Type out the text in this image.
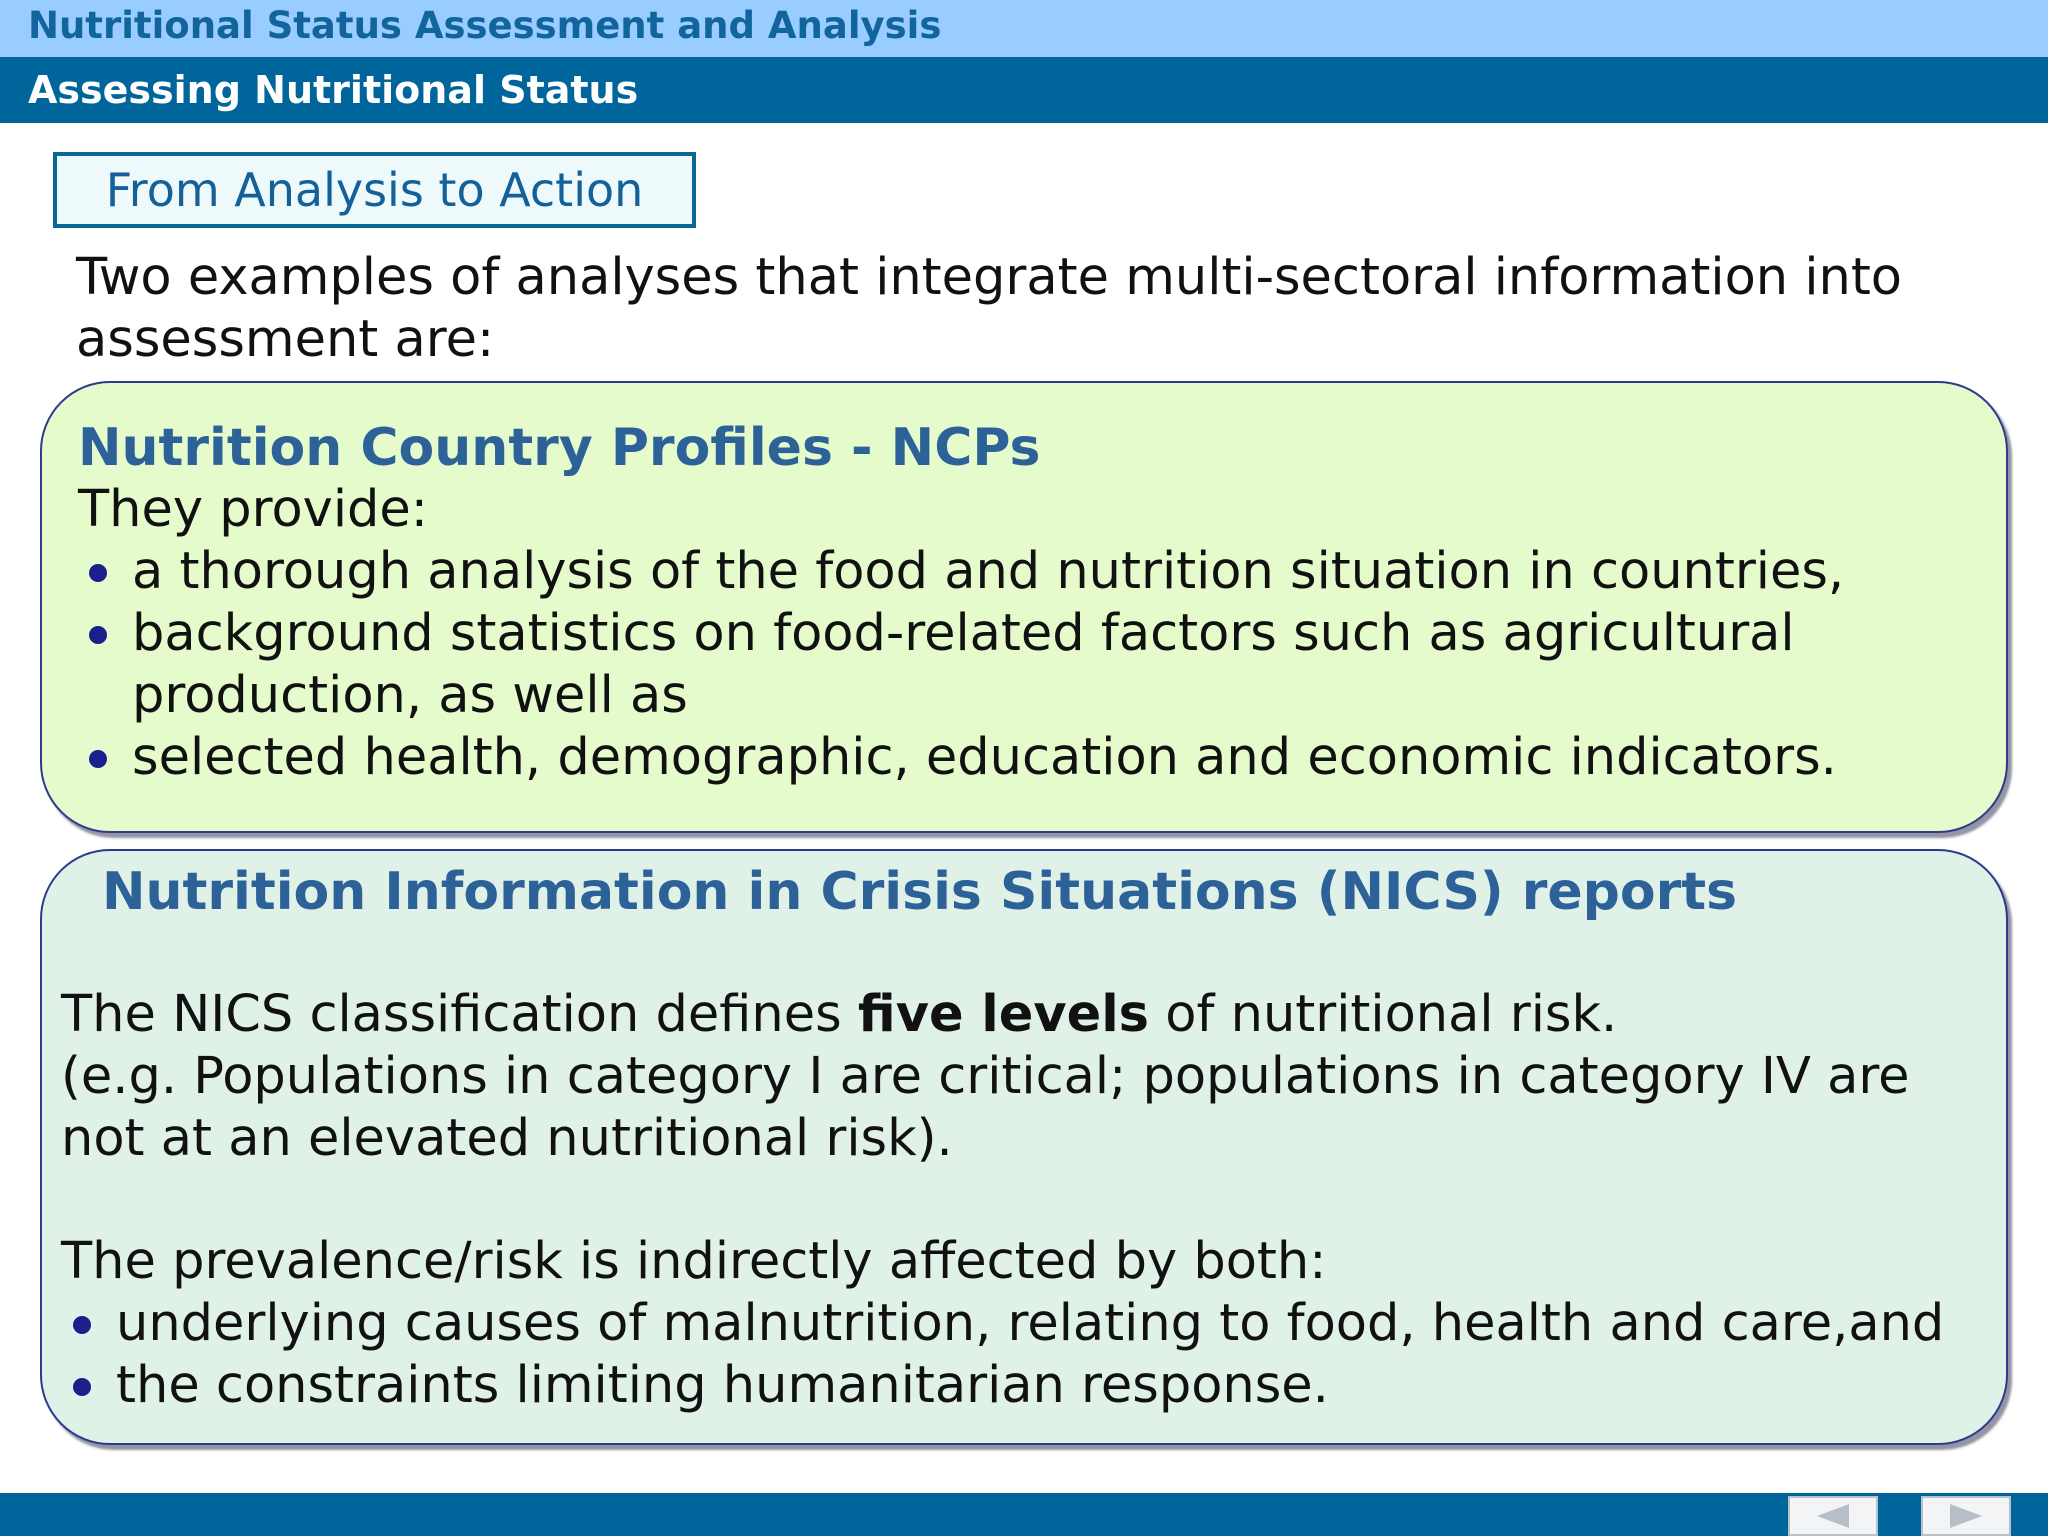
Nutritional Status Assessment and Analysis
Assessing Nutritional Status
From Analysis to Action
Two examples of analyses that integrate multi-sectoral information into assessment are:
Nutrition Country Profiles - NCPs
They provide:
a thorough analysis of the food and nutrition situation in countries,
background statistics on food-related factors such as agricultural production, as well as
selected health, demographic, education and economic indicators.
Nutrition Information in Crisis Situations (NICS) reports
The NICS classification defines five levels of nutritional risk.
(e.g. Populations in category I are critical; populations in category IV are not at an elevated nutritional risk).
The prevalence/risk is indirectly affected by both:
underlying causes of malnutrition, relating to food, health and care,and
the constraints limiting humanitarian response.
